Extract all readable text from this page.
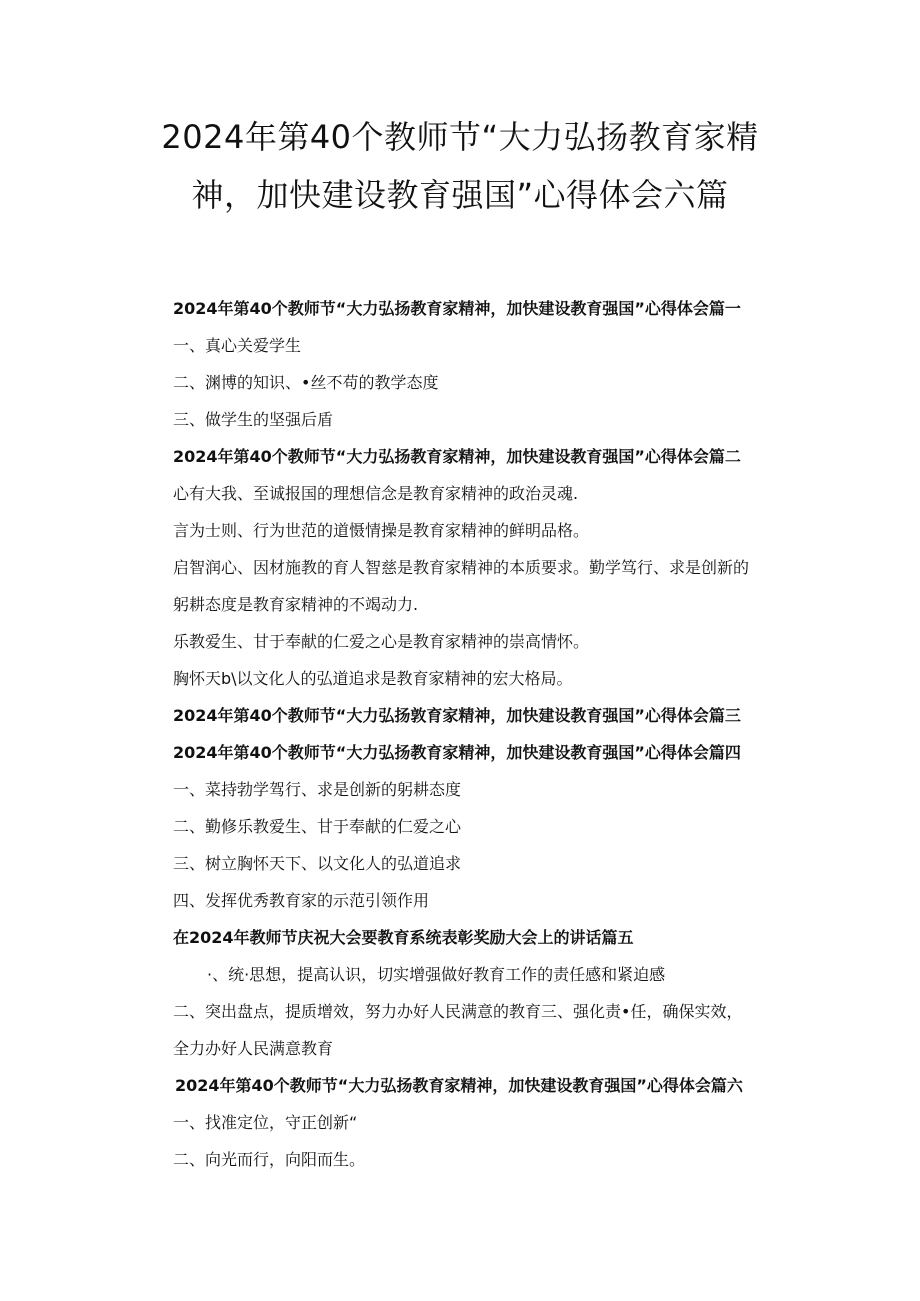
2024年第40个教师节“大力弘扬教育家精
神，加快建设教育强国”心得体会六篇
2024年第40个教师节“大力弘扬教育家精神，加快建设教育强国”心得体会篇一
一、真心关爱学生
二、渊博的知识、•丝不苟的教学态度
三、做学生的坚强后盾
2024年第40个教师节“大力弘扬教育家精神，加快建设教育强国”心得体会篇二
心有大我、至诚报国的理想信念是教育家精神的政治灵魂.
言为士则、行为世范的道慑情操是教育家精神的鲜明品格。
启智润心、因材施教的育人智慈是教育家精神的本质要求。勤学笃行、求是创新的
躬耕态度是教育家精神的不竭动力.
乐教爱生、甘于奉献的仁爱之心是教育家精神的崇高情怀。
胸怀天b\以文化人的弘道追求是教育家精神的宏大格局。
2024年第40个教师节“大力弘扬敦育家精神，加快建设教育强国”心得体会篇三
2024年第40个教师节“大力弘扬教育家精神，加快建设教育强国”心得体会篇四
一、菜持勃学驾行、求是创新的躬耕态度
二、勤修乐教爱生、甘于奉献的仁爱之心
三、树立胸怀天下、以文化人的弘道追求
四、发挥优秀教育家的示范引领作用
在2024年教师节庆祝大会要教育系统表彰奖励大会上的讲话篇五
·、统·思想，提高认识，切实增强做好教育工作的责任感和紧迫感
二、突出盘点，提质增效，努力办好人民满意的教育三、强化责•任，确保实效，
全力办好人民满意教育
2024年第40个教师节“大力弘扬教育家精神，加快建设教育强国”心得体会篇六
一、找准定位，守正创新“
二、向光而行，向阳而生。
